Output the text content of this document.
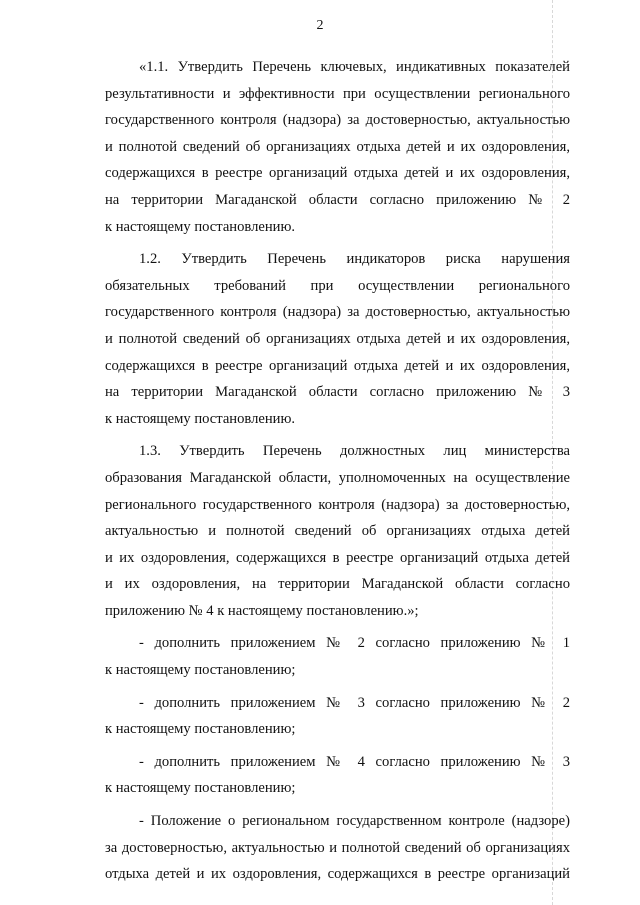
2
«1.1. Утвердить Перечень ключевых, индикативных показателей
результативности и эффективности при осуществлении регионального
государственного контроля (надзора) за достоверностью, актуальностью
и полнотой сведений об организациях отдыха детей и их оздоровления,
содержащихся в реестре организаций отдыха детей и их оздоровления,
на территории Магаданской области согласно приложению № 2
к настоящему постановлению.
1.2. Утвердить Перечень индикаторов риска нарушения
обязательных требований при осуществлении регионального
государственного контроля (надзора) за достоверностью, актуальностью
и полнотой сведений об организациях отдыха детей и их оздоровления,
содержащихся в реестре организаций отдыха детей и их оздоровления,
на территории Магаданской области согласно приложению № 3
к настоящему постановлению.
1.3. Утвердить Перечень должностных лиц министерства
образования Магаданской области, уполномоченных на осуществление
регионального государственного контроля (надзора) за достоверностью,
актуальностью и полнотой сведений об организациях отдыха детей
и их оздоровления, содержащихся в реестре организаций отдыха детей
и их оздоровления, на территории Магаданской области согласно
приложению № 4 к настоящему постановлению.»;
- дополнить приложением № 2 согласно приложению № 1
к настоящему постановлению;
- дополнить приложением № 3 согласно приложению № 2
к настоящему постановлению;
- дополнить приложением № 4 согласно приложению № 3
к настоящему постановлению;
- Положение о региональном государственном контроле (надзоре)
за достоверностью, актуальностью и полнотой сведений об организациях
отдыха детей и их оздоровления, содержащихся в реестре организаций
